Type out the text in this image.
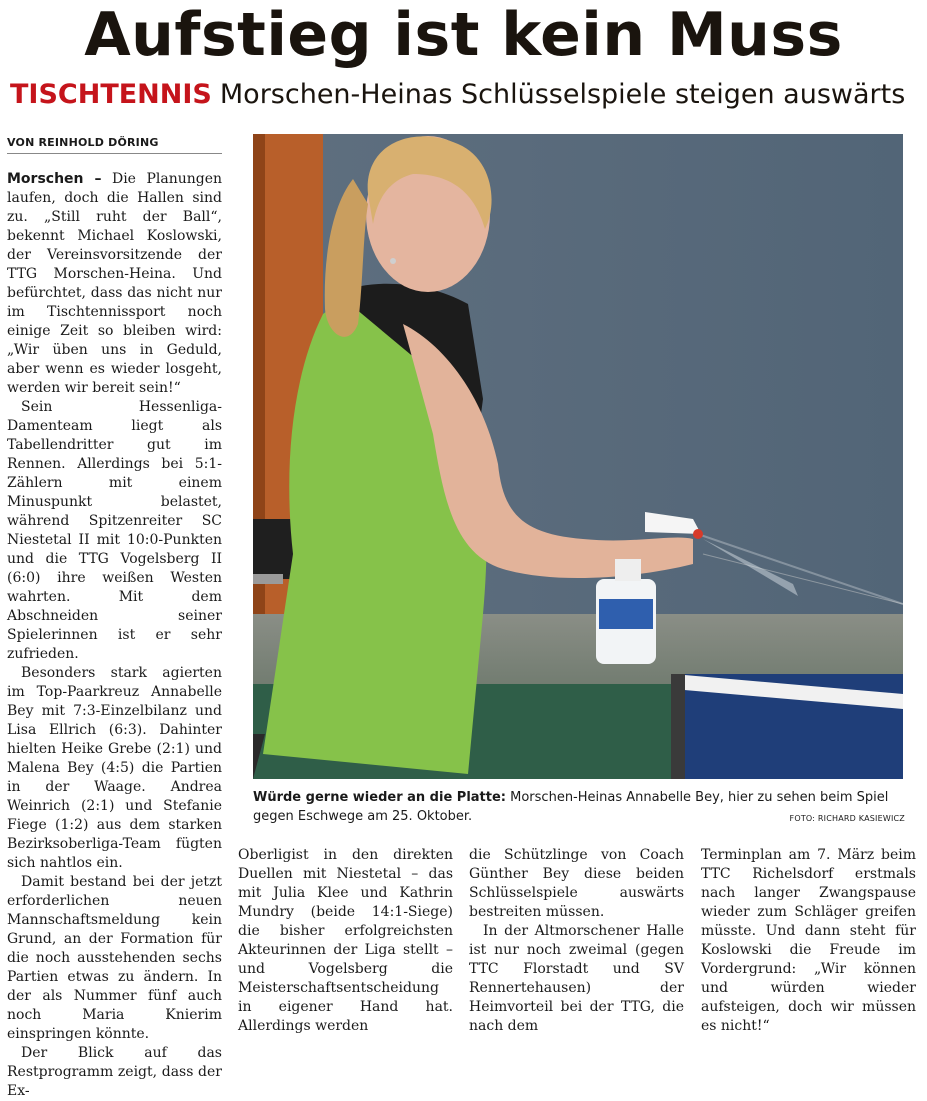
Aufstieg ist kein Muss
TISCHTENNIS Morschen-Heinas Schlüsselspiele steigen auswärts
VON REINHOLD DÖRING

Morschen – Die Planungen laufen, doch die Hallen sind zu. „Still ruht der Ball“, bekennt Michael Koslowski, der Vereinsvorsitzende der TTG Morschen-Heina. Und befürchtet, dass das nicht nur im Tischtennissport noch einige Zeit so bleiben wird: „Wir üben uns in Geduld, aber wenn es wieder losgeht, werden wir bereit sein!“

Sein Hessenliga-Damenteam liegt als Tabellendritter gut im Rennen. Allerdings bei 5:1-Zählern mit einem Minuspunkt belastet, während Spitzenreiter SC Niestetal II mit 10:0-Punkten und die TTG Vogelsberg II (6:0) ihre weißen Westen wahrten. Mit dem Abschneiden seiner Spielerinnen ist er sehr zufrieden.

Besonders stark agierten im Top-Paarkreuz Annabelle Bey mit 7:3-Einzelbilanz und Lisa Ellrich (6:3). Dahinter hielten Heike Grebe (2:1) und Malena Bey (4:5) die Partien in der Waage. Andrea Weinrich (2:1) und Stefanie Fiege (1:2) aus dem starken Bezirksoberliga-Team fügten sich nahtlos ein.

Damit bestand bei der jetzt erforderlichen neuen Mannschaftsmeldung kein Grund, an der Formation für die noch ausstehenden sechs Partien etwas zu ändern. In der als Nummer fünf auch noch Maria Knierim einspringen könnte.

Der Blick auf das Restprogramm zeigt, dass der Ex-

Würde gerne wieder an die Platte: Morschen-Heinas Annabelle Bey, hier zu sehen beim Spiel gegen Eschwege am 25. Oktober.	FOTO: RICHARD KASIEWICZ

Oberligist in den direkten Duellen mit Niestetal – das mit Julia Klee und Kathrin Mundry (beide 14:1-Siege) die bisher erfolgreichsten Akteurinnen der Liga stellt – und Vogelsberg die Meisterschaftsentscheidung in eigener Hand hat. Allerdings werden

die Schützlinge von Coach Günther Bey diese beiden Schlüsselspiele auswärts bestreiten müssen.

In der Altmorschener Halle ist nur noch zweimal (gegen TTC Florstadt und SV Rennertehausen) der Heimvorteil bei der TTG, die nach dem

Terminplan am 7. März beim TTC Richelsdorf erstmals nach langer Zwangspause wieder zum Schläger greifen müsste. Und dann steht für Koslowski die Freude im Vordergrund: „Wir können und würden wieder aufsteigen, doch wir müssen es nicht!“
